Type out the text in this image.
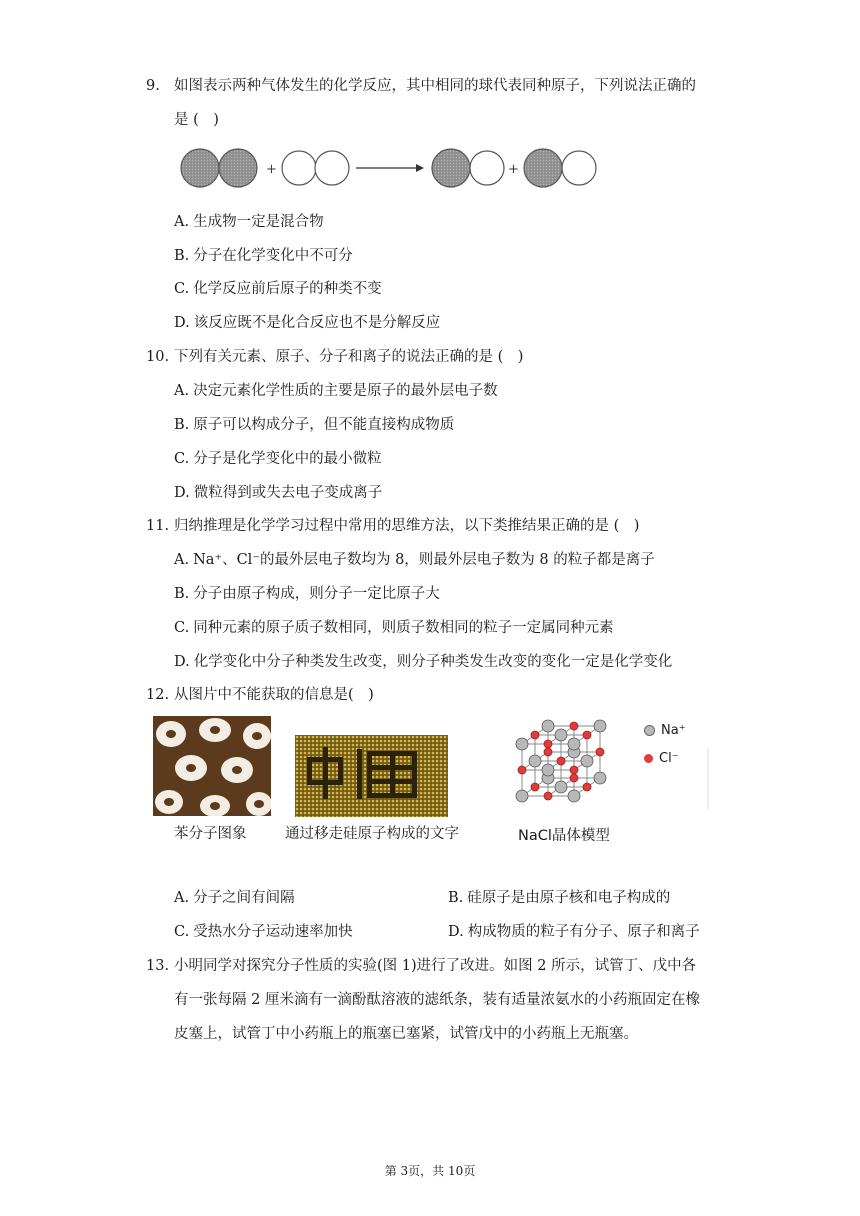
9. 如图表示两种气体发生的化学反应，其中相同的球代表同种原子，下列说法正确的
是 (　)
+	+
A. 生成物一定是混合物
B. 分子在化学变化中不可分
C. 化学反应前后原子的种类不变
D. 该反应既不是化合反应也不是分解反应
10. 下列有关元素、原子、分子和离子的说法正确的是 (　)
A. 决定元素化学性质的主要是原子的最外层电子数
B. 原子可以构成分子，但不能直接构成物质
C. 分子是化学变化中的最小微粒
D. 微粒得到或失去电子变成离子
11. 归纳推理是化学学习过程中常用的思维方法，以下类推结果正确的是 (　)
A. Na⁺、Cl⁻的最外层电子数均为 8，则最外层电子数为 8 的粒子都是离子
B. 分子由原子构成，则分子一定比原子大
C. 同种元素的原子质子数相同，则质子数相同的粒子一定属同种元素
D. 化学变化中分子种类发生改变，则分子种类发生改变的变化一定是化学变化
12. 从图片中不能获取的信息是(　)
Na⁺
Cl⁻
苯分子图象	通过移走硅原子构成的文字	NaCl晶体模型
A. 分子之间有间隔	B. 硅原子是由原子核和电子构成的
C. 受热水分子运动速率加快	D. 构成物质的粒子有分子、原子和离子
13. 小明同学对探究分子性质的实验(图 1)进行了改进。如图 2 所示，试管丁、戊中各
有一张每隔 2 厘米滴有一滴酚酞溶液的滤纸条，装有适量浓氨水的小药瓶固定在橡
皮塞上，试管丁中小药瓶上的瓶塞已塞紧，试管戊中的小药瓶上无瓶塞。
第 3页，共 10页
